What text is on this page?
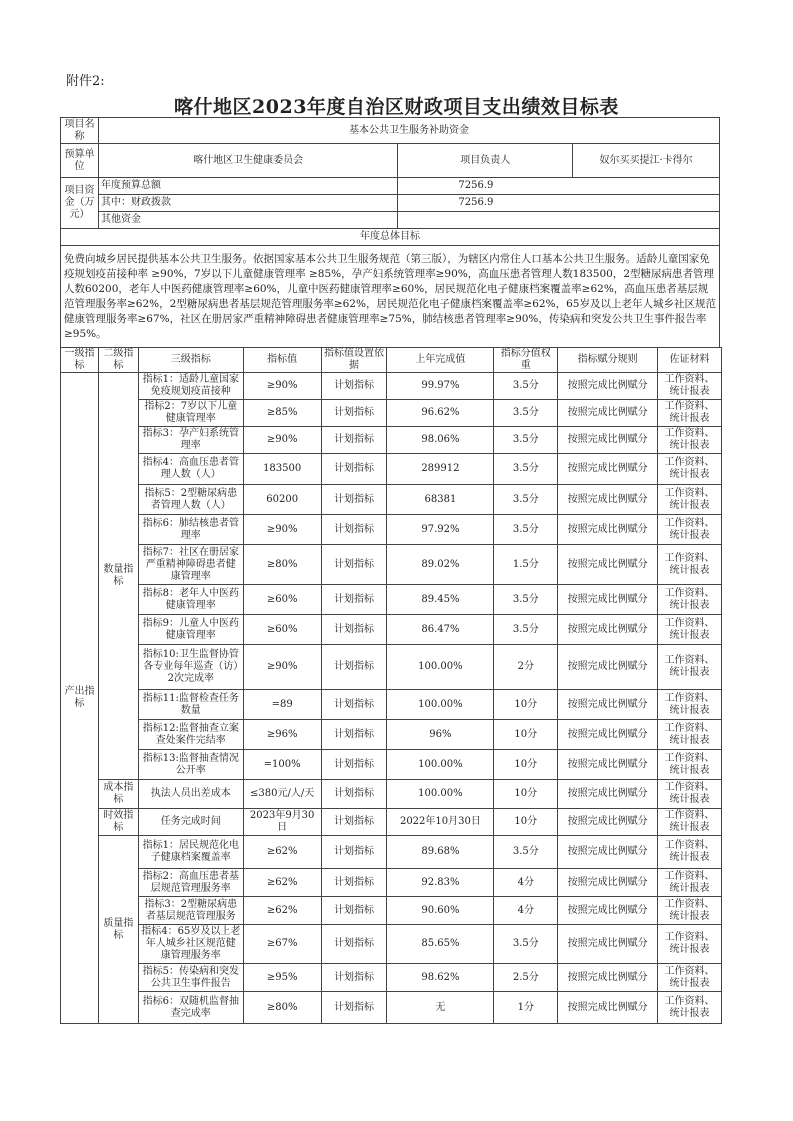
附件2:
喀什地区2023年度自治区财政项目支出绩效目标表
项目名称	基本公共卫生服务补助资金		
预算单位	喀什地区卫生健康委员会	项目负责人	奴尔买买提江·卡得尔
项目资金（万元）	年度预算总额	7256.9	
	其中：财政拨款	7256.9	
	其他资金		
年度总体目标			
免费向城乡居民提供基本公共卫生服务。依据国家基本公共卫生服务规范（第三版），为辖区内常住人口基本公共卫生服务。适龄儿童国家免疫规划疫苗接种率 ≥90%，7岁以下儿童健康管理率 ≥85%，孕产妇系统管理率≥90%，高血压患者管理人数183500，2型糖尿病患者管理人数60200，老年人中医药健康管理率≥60%，儿童中医药健康管理率≥60%，居民规范化电子健康档案覆盖率≥62%，高血压患者基层规范管理服务率≥62%，2型糖尿病患者基层规范管理服务率≥62%，居民规范化电子健康档案覆盖率≥62%，65岁及以上老年人城乡社区规范健康管理服务率≥67%，社区在册居家严重精神障碍患者健康管理率≥75%，肺结核患者管理率≥90%，传染病和突发公共卫生事件报告率≥95%。			
一级指标	二级指标	三级指标	指标值	指标值设置依据	上年完成值	指标分值权重	指标赋分规则	佐证材料
产出指标	数量指标	指标1：适龄儿童国家免疫规划疫苗接种	≥90%	计划指标	99.97%	3.5分	按照完成比例赋分	工作资料、统计报表
		指标2：7岁以下儿童健康管理率	≥85%	计划指标	96.62%	3.5分	按照完成比例赋分	工作资料、统计报表
		指标3：孕产妇系统管理率	≥90%	计划指标	98.06%	3.5分	按照完成比例赋分	工作资料、统计报表
		指标4：高血压患者管理人数（人）	183500	计划指标	289912	3.5分	按照完成比例赋分	工作资料、统计报表
		指标5：2型糖尿病患者管理人数（人）	60200	计划指标	68381	3.5分	按照完成比例赋分	工作资料、统计报表
		指标6：肺结核患者管理率	≥90%	计划指标	97.92%	3.5分	按照完成比例赋分	工作资料、统计报表
		指标7：社区在册居家严重精神障碍患者健康管理率	≥80%	计划指标	89.02%	1.5分	按照完成比例赋分	工作资料、统计报表
		指标8：老年人中医药健康管理率	≥60%	计划指标	89.45%	3.5分	按照完成比例赋分	工作资料、统计报表
		指标9：儿童人中医药健康管理率	≥60%	计划指标	86.47%	3.5分	按照完成比例赋分	工作资料、统计报表
		指标10:卫生监督协管各专业每年巡查（访）2次完成率	≥90%	计划指标	100.00%	2分	按照完成比例赋分	工作资料、统计报表
		指标11:监督检查任务数量	=89	计划指标	100.00%	10分	按照完成比例赋分	工作资料、统计报表
		指标12:监督抽查立案查处案件完结率	≥96%	计划指标	96%	10分	按照完成比例赋分	工作资料、统计报表
		指标13:监督抽查情况公开率	=100%	计划指标	100.00%	10分	按照完成比例赋分	工作资料、统计报表
	成本指标	执法人员出差成本	≤380元/人/天	计划指标	100.00%	10分	按照完成比例赋分	工作资料、统计报表
	时效指标	任务完成时间	2023年9月30日	计划指标	2022年10月30日	10分	按照完成比例赋分	工作资料、统计报表
	质量指标	指标1：居民规范化电子健康档案覆盖率	≥62%	计划指标	89.68%	3.5分	按照完成比例赋分	工作资料、统计报表
		指标2：高血压患者基层规范管理服务率	≥62%	计划指标	92.83%	4分	按照完成比例赋分	工作资料、统计报表
		指标3：2型糖尿病患者基层规范管理服务	≥62%	计划指标	90.60%	4分	按照完成比例赋分	工作资料、统计报表
		指标4：65岁及以上老年人城乡社区规范健康管理服务率	≥67%	计划指标	85.65%	3.5分	按照完成比例赋分	工作资料、统计报表
		指标5：传染病和突发公共卫生事件报告	≥95%	计划指标	98.62%	2.5分	按照完成比例赋分	工作资料、统计报表
		指标6：双随机监督抽查完成率	≥80%	计划指标	无	1分	按照完成比例赋分	工作资料、统计报表
